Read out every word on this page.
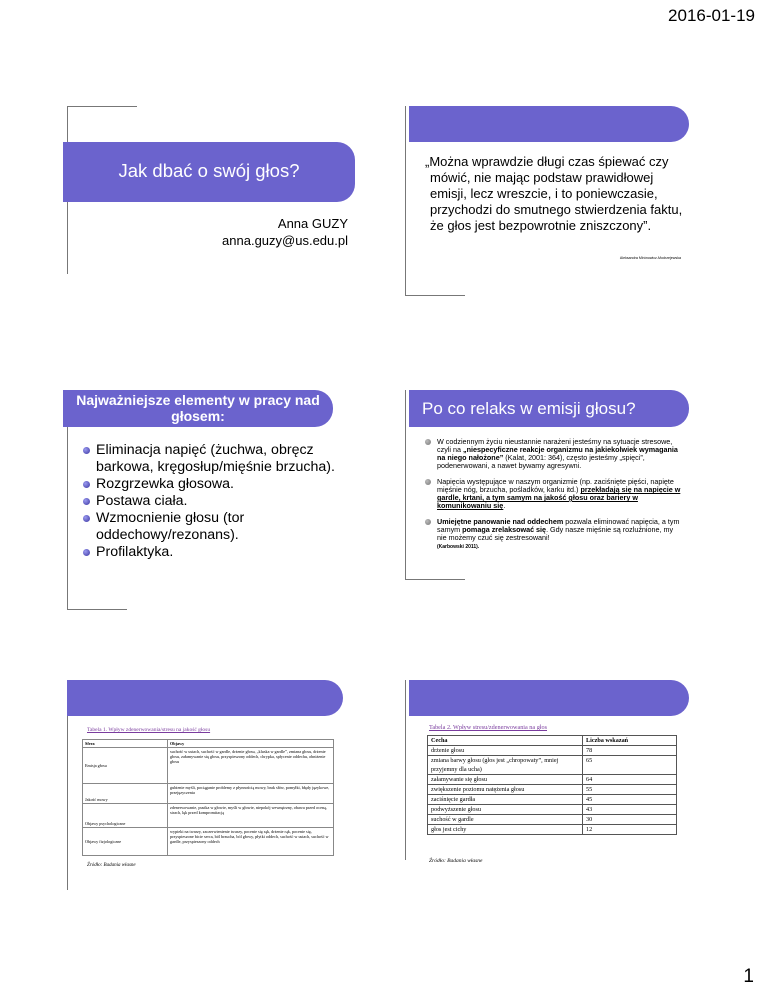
2016-01-19
Jak dbać o swój głos?
Anna GUZY
anna.guzy@us.edu.pl
„Można wprawdzie długi czas śpiewać czy mówić, nie mając podstaw prawidłowej emisji, lecz wreszcie, i to poniewczasie, przychodzi do smutnego stwierdzenia faktu, że głos jest bezpowrotnie zniszczony”.
Aleksandra Mirónowicz-Modrzejewska
Najważniejsze elementy w pracy nad głosem:
Eliminacja napięć (żuchwa, obręcz barkowa, kręgosłup/mięśnie brzucha).
Rozgrzewka głosowa.
Postawa ciała.
Wzmocnienie głosu (tor oddechowy/rezonans).
Profilaktyka.
Po co relaks w emisji głosu?
W codziennym życiu nieustannie narażeni jesteśmy na sytuacje stresowe, czyli na „niespecyficzne reakcje organizmu na jakiekolwiek wymagania na niego nałożone” (Kalat, 2001: 364), często jesteśmy „spięci”, podenerwowani, a nawet bywamy agresywni.
Napięcia występujące w naszym organizmie (np. zaciśnięte pięści, napięte mięśnie nóg, brzucha, pośladków, karku itd.) przekładają się na napięcie w gardle, krtani, a tym samym na jakość głosu oraz bariery w komunikowaniu się.
Umiejętne panowanie nad oddechem pozwala eliminować napięcia, a tym samym pomaga zrelaksować się. Gdy nasze mięśnie są rozluźnione, my nie możemy czuć się zestresowani!
(Karbowski 2011).
Tabela 1. Wpływ zdenerwowania/stresu na jakość głosu
Sfera	Objawy
Emisja głosu	suchość w ustach, suchość w gardle, drżenie głosu, „kluska w gardle”, zmiana głosu, drżenie głosu, załamywanie się głosu, przyspieszony oddech, chrypka, spłycenie oddechu, obniżenie głosu
Jakość mowy	gubienie myśli, pociąganie problemy z płynnością mowy, brak słów, pomyłki, błędy językowe, przejęzyczenia
Objawy psychologiczne	zdenerwowanie, pustka w głowie, myśli w głowie, niepokój wewnętrzny, obawa przed oceną, strach, lęk przed kompromitacją
Objawy fizjologiczne	wypieki na twarzy, zaczerwienienie twarzy, pocenie się rąk, drżenie rąk, pocenie się, przyspieszone bicie serca, ból brzucha, ból głowy, płytki oddech, suchość w ustach, suchość w gardle, przyspieszony oddech
Źródło: Badania własne
Tabela 2. Wpływ stresu/zdenerwowania na głos
Cecha	Liczba wskazań
drżenie głosu	78
zmiana barwy głosu (głos jest „chropowaty”, mniej przyjemny dla ucha)	65
załamywanie się głosu	64
zwiększenie poziomu natężenia głosu	55
zaciśnięcie gardła	45
podwyższenie głosu	43
suchość w gardle	30
głos jest cichy	12
Źródło: Badania własne
1
